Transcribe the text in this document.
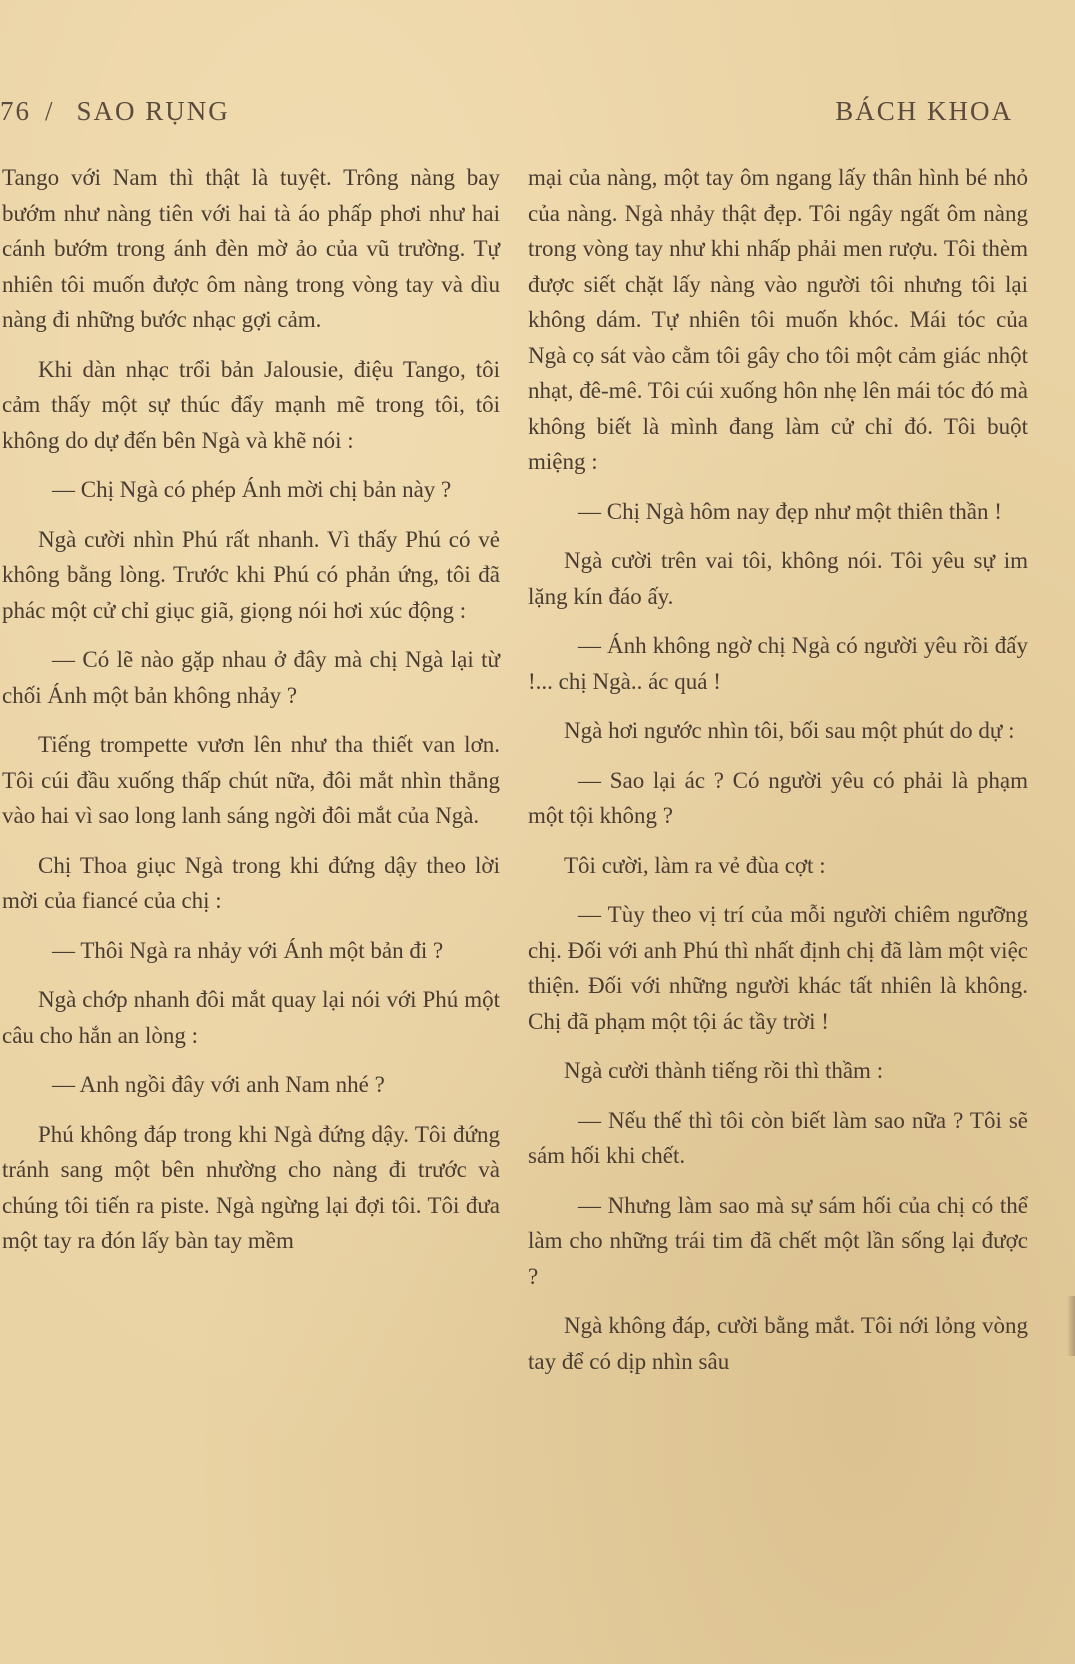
76 / SAO RỤNG	BÁCH KHOA

Tango với Nam thì thật là tuyệt. Trông nàng bay bướm như nàng tiên với hai tà áo phấp phơi như hai cánh bướm trong ánh đèn mờ ảo của vũ trường. Tự nhiên tôi muốn được ôm nàng trong vòng tay và dìu nàng đi những bước nhạc gợi cảm.

Khi dàn nhạc trổi bản Jalousie, điệu Tango, tôi cảm thấy một sự thúc đẩy mạnh mẽ trong tôi, tôi không do dự đến bên Ngà và khẽ nói :

— Chị Ngà có phép Ánh mời chị bản này ?

Ngà cười nhìn Phú rất nhanh. Vì thấy Phú có vẻ không bằng lòng. Trước khi Phú có phản ứng, tôi đã phác một cử chỉ giục giã, giọng nói hơi xúc động :

— Có lẽ nào gặp nhau ở đây mà chị Ngà lại từ chối Ánh một bản không nhảy ?

Tiếng trompette vươn lên như tha thiết van lơn. Tôi cúi đầu xuống thấp chút nữa, đôi mắt nhìn thẳng vào hai vì sao long lanh sáng ngời đôi mắt của Ngà.

Chị Thoa giục Ngà trong khi đứng dậy theo lời mời của fiancé của chị :

— Thôi Ngà ra nhảy với Ánh một bản đi ?

Ngà chớp nhanh đôi mắt quay lại nói với Phú một câu cho hắn an lòng :

— Anh ngồi đây với anh Nam nhé ?

Phú không đáp trong khi Ngà đứng dậy. Tôi đứng tránh sang một bên nhường cho nàng đi trước và chúng tôi tiến ra piste. Ngà ngừng lại đợi tôi. Tôi đưa một tay ra đón lấy bàn tay mềm

mại của nàng, một tay ôm ngang lấy thân hình bé nhỏ của nàng. Ngà nhảy thật đẹp. Tôi ngây ngất ôm nàng trong vòng tay như khi nhấp phải men rượu. Tôi thèm được siết chặt lấy nàng vào người tôi nhưng tôi lại không dám. Tự nhiên tôi muốn khóc. Mái tóc của Ngà cọ sát vào cằm tôi gây cho tôi một cảm giác nhột nhạt, đê-mê. Tôi cúi xuống hôn nhẹ lên mái tóc đó mà không biết là mình đang làm cử chỉ đó. Tôi buột miệng :

— Chị Ngà hôm nay đẹp như một thiên thần !

Ngà cười trên vai tôi, không nói. Tôi yêu sự im lặng kín đáo ấy.

— Ánh không ngờ chị Ngà có người yêu rồi đấy !... chị Ngà.. ác quá !

Ngà hơi ngước nhìn tôi, bối sau một phút do dự :

— Sao lại ác ? Có người yêu có phải là phạm một tội không ?

Tôi cười, làm ra vẻ đùa cợt :

— Tùy theo vị trí của mỗi người chiêm ngưỡng chị. Đối với anh Phú thì nhất định chị đã làm một việc thiện. Đối với những người khác tất nhiên là không. Chị đã phạm một tội ác tầy trời !

Ngà cười thành tiếng rồi thì thầm :

— Nếu thế thì tôi còn biết làm sao nữa ? Tôi sẽ sám hối khi chết.

— Nhưng làm sao mà sự sám hối của chị có thể làm cho những trái tim đã chết một lần sống lại được ?

Ngà không đáp, cười bằng mắt. Tôi nới lỏng vòng tay để có dịp nhìn sâu
